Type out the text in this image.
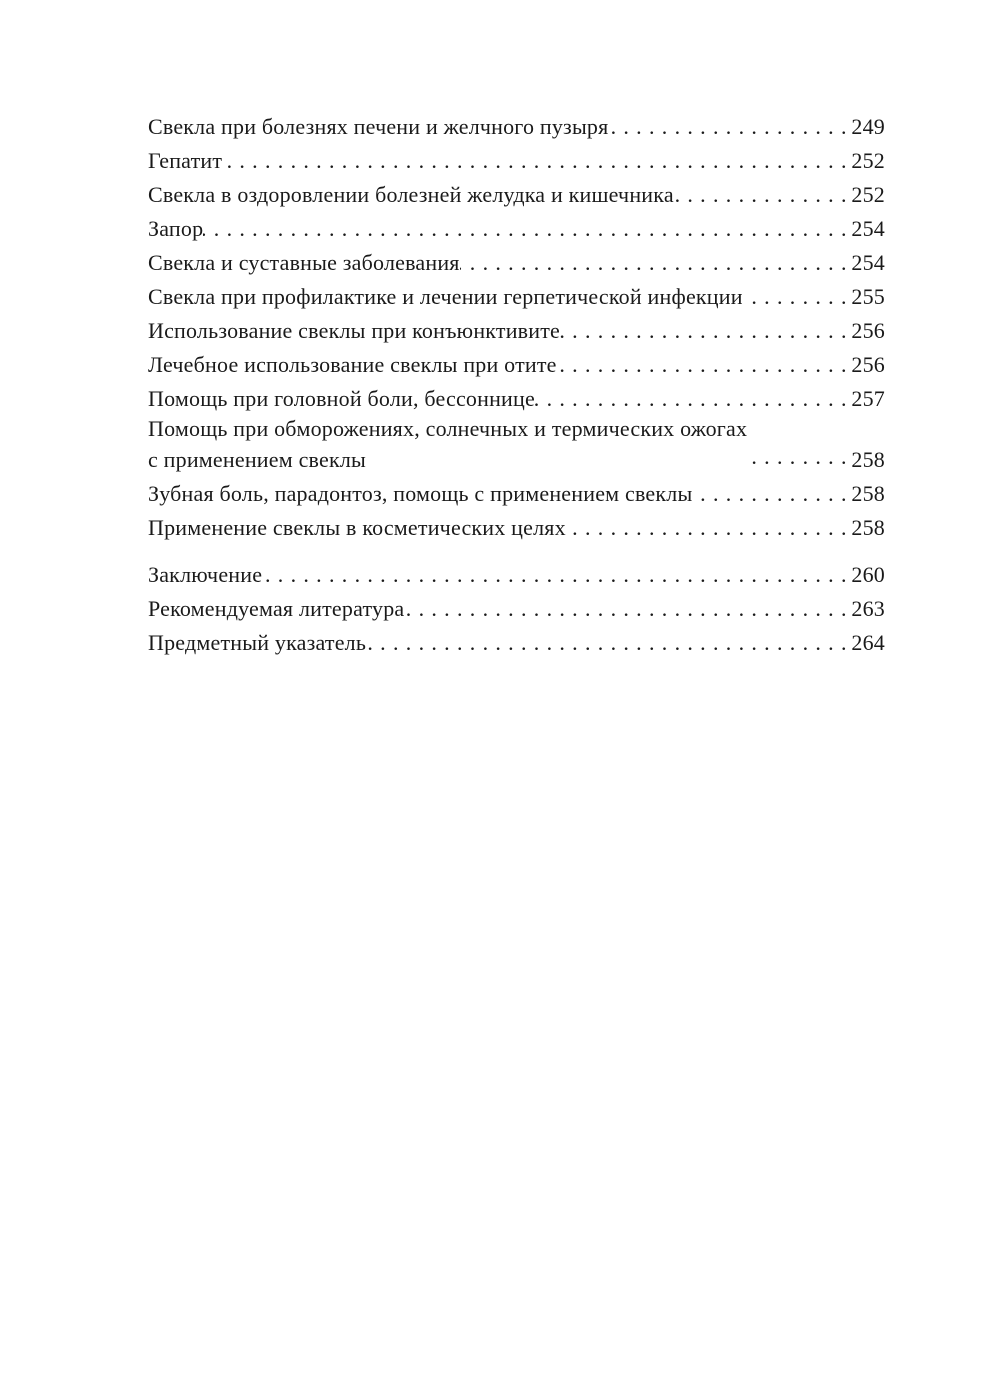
Свекла при болезнях печени и желчного пузыря . . .	249
Гепатит . . .	252
Свекла в оздоровлении болезней желудка и кишечника . . .	252
Запор . . .	254
Свекла и суставные заболевания . . .	254
Свекла при профилактике и лечении герпетической инфекции . . .	255
Использование свеклы при конъюнктивите . . .	256
Лечебное использование свеклы при отите . . .	256
Помощь при головной боли, бессоннице . . .	257
Помощь при обморожениях, солнечных и термических ожогах
с применением свеклы . . .	258
Зубная боль, парадонтоз, помощь с применением свеклы . . .	258
Применение свеклы в косметических целях . . .	258
Заключение . . .	260
Рекомендуемая литература . . .	263
Предметный указатель . . .	264
